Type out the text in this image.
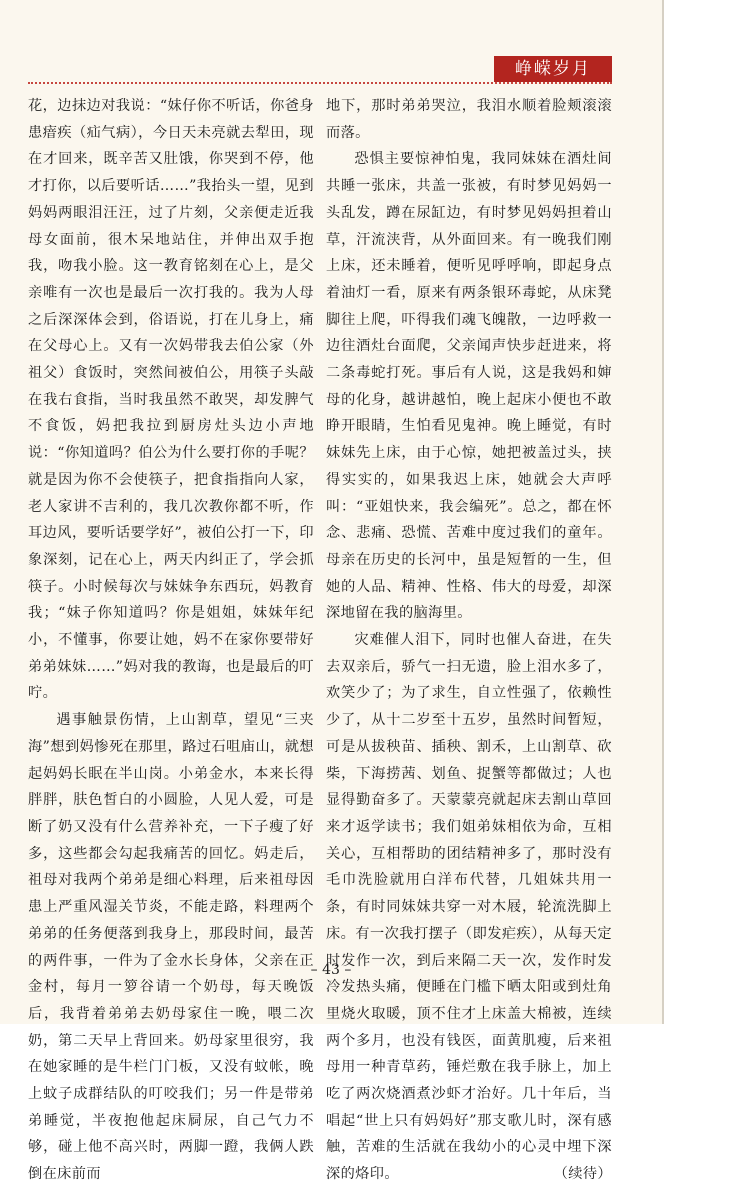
峥嵘岁月

花，边抹边对我说：“妹仔你不听话，你爸身患瘖疾（疝气病），今日天未亮就去犁田，现在才回来，既辛苦又肚饿，你哭到不停，他才打你，以后要听话……”我抬头一望，见到妈妈两眼泪汪汪，过了片刻，父亲便走近我母女面前，很木呆地站住，并伸出双手抱我，吻我小脸。这一教育铭刻在心上，是父亲唯有一次也是最后一次打我的。我为人母之后深深体会到，俗语说，打在儿身上，痛在父母心上。又有一次妈带我去伯公家（外祖父）食饭时，突然间被伯公，用筷子头敲在我右食指，当时我虽然不敢哭，却发脾气不食饭，妈把我拉到厨房灶头边小声地说：“你知道吗？伯公为什么要打你的手呢？就是因为你不会使筷子，把食指指向人家，老人家讲不吉利的，我几次教你都不听，作耳边风，要听话要学好”，被伯公打一下，印象深刻，记在心上，两天内纠正了，学会抓筷子。小时候每次与妹妹争东西玩，妈教育我；“妹子你知道吗？你是姐姐，妹妹年纪小，不懂事，你要让她，妈不在家你要带好弟弟妹妹……”妈对我的教诲，也是最后的叮咛。

遇事触景伤情，上山割草，望见“三夹海”想到妈惨死在那里，路过石咀庙山，就想起妈妈长眠在半山岗。小弟金水，本来长得胖胖，肤色皙白的小圆脸，人见人爱，可是断了奶又没有什么营养补充，一下子瘦了好多，这些都会勾起我痛苦的回忆。妈走后，祖母对我两个弟弟是细心料理，后来祖母因患上严重风湿关节炎，不能走路，料理两个弟弟的任务便落到我身上，那段时间，最苦的两件事，一件为了金水长身体，父亲在正金村，每月一箩谷请一个奶母，每天晚饭后，我背着弟弟去奶母家住一晚，喂二次奶，第二天早上背回来。奶母家里很穷，我在她家睡的是牛栏门门板，又没有蚊帐，晚上蚊子成群结队的叮咬我们；另一件是带弟弟睡觉，半夜抱他起床屙尿，自己气力不够，碰上他不高兴时，两脚一蹬，我俩人跌倒在床前而

地下，那时弟弟哭泣，我泪水顺着脸颊滚滚而落。

恐惧主要惊神怕鬼，我同妹妹在酒灶间共睡一张床，共盖一张被，有时梦见妈妈一头乱发，蹲在尿缸边，有时梦见妈妈担着山草，汗流浃背，从外面回来。有一晚我们刚上床，还未睡着，便听见呼呼响，即起身点着油灯一看，原来有两条银环毒蛇，从床凳脚往上爬，吓得我们魂飞魄散，一边呼救一边往酒灶台面爬，父亲闻声快步赶进来，将二条毒蛇打死。事后有人说，这是我妈和婶母的化身，越讲越怕，晚上起床小便也不敢睁开眼睛，生怕看见鬼神。晚上睡觉，有时妹妹先上床，由于心惊，她把被盖过头，挟得实实的，如果我迟上床，她就会大声呼叫：“亚姐快来，我会编死”。总之，都在怀念、悲痛、恐慌、苦难中度过我们的童年。母亲在历史的长河中，虽是短暂的一生，但她的人品、精神、性格、伟大的母爱，却深深地留在我的脑海里。

灾难催人泪下，同时也催人奋进，在失去双亲后，骄气一扫无遗，脸上泪水多了，欢笑少了；为了求生，自立性强了，依赖性少了，从十二岁至十五岁，虽然时间暂短，可是从拔秧苗、插秧、割禾，上山割草、砍柴，下海捞茜、划鱼、捉蟹等都做过；人也显得勤奋多了。天蒙蒙亮就起床去割山草回来才返学读书；我们姐弟妹相依为命，互相关心，互相帮助的团结精神多了，那时没有毛巾洗脸就用白洋布代替，几姐妹共用一条，有时同妹妹共穿一对木屐，轮流洗脚上床。有一次我打摆子（即发疟疾），从每天定时发作一次，到后来隔二天一次，发作时发冷发热头痛，便睡在门槛下晒太阳或到灶角里烧火取暖，顶不住才上床盖大棉被，连续两个多月，也没有钱医，面黄肌瘦，后来祖母用一种青草药，锤烂敷在我手脉上，加上吃了两次烧酒煮沙虾才治好。几十年后，当唱起“世上只有妈妈好”那支歌儿时，深有感触，苦难的生活就在我幼小的心灵中埋下深深的烙印。	（续待）

– 43 –
